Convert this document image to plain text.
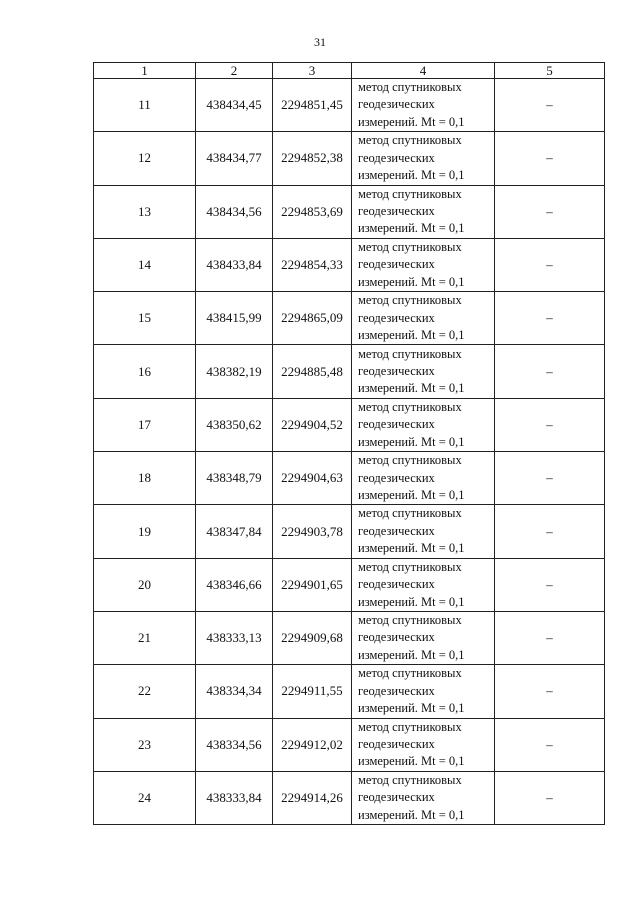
31
1	2	3	4	5
11	438434,45	2294851,45	метод спутниковых
геодезических
измерений. Mt = 0,1	–
12	438434,77	2294852,38	метод спутниковых
геодезических
измерений. Mt = 0,1	–
13	438434,56	2294853,69	метод спутниковых
геодезических
измерений. Mt = 0,1	–
14	438433,84	2294854,33	метод спутниковых
геодезических
измерений. Mt = 0,1	–
15	438415,99	2294865,09	метод спутниковых
геодезических
измерений. Mt = 0,1	–
16	438382,19	2294885,48	метод спутниковых
геодезических
измерений. Mt = 0,1	–
17	438350,62	2294904,52	метод спутниковых
геодезических
измерений. Mt = 0,1	–
18	438348,79	2294904,63	метод спутниковых
геодезических
измерений. Mt = 0,1	–
19	438347,84	2294903,78	метод спутниковых
геодезических
измерений. Mt = 0,1	–
20	438346,66	2294901,65	метод спутниковых
геодезических
измерений. Mt = 0,1	–
21	438333,13	2294909,68	метод спутниковых
геодезических
измерений. Mt = 0,1	–
22	438334,34	2294911,55	метод спутниковых
геодезических
измерений. Mt = 0,1	–
23	438334,56	2294912,02	метод спутниковых
геодезических
измерений. Mt = 0,1	–
24	438333,84	2294914,26	метод спутниковых
геодезических
измерений. Mt = 0,1	–
